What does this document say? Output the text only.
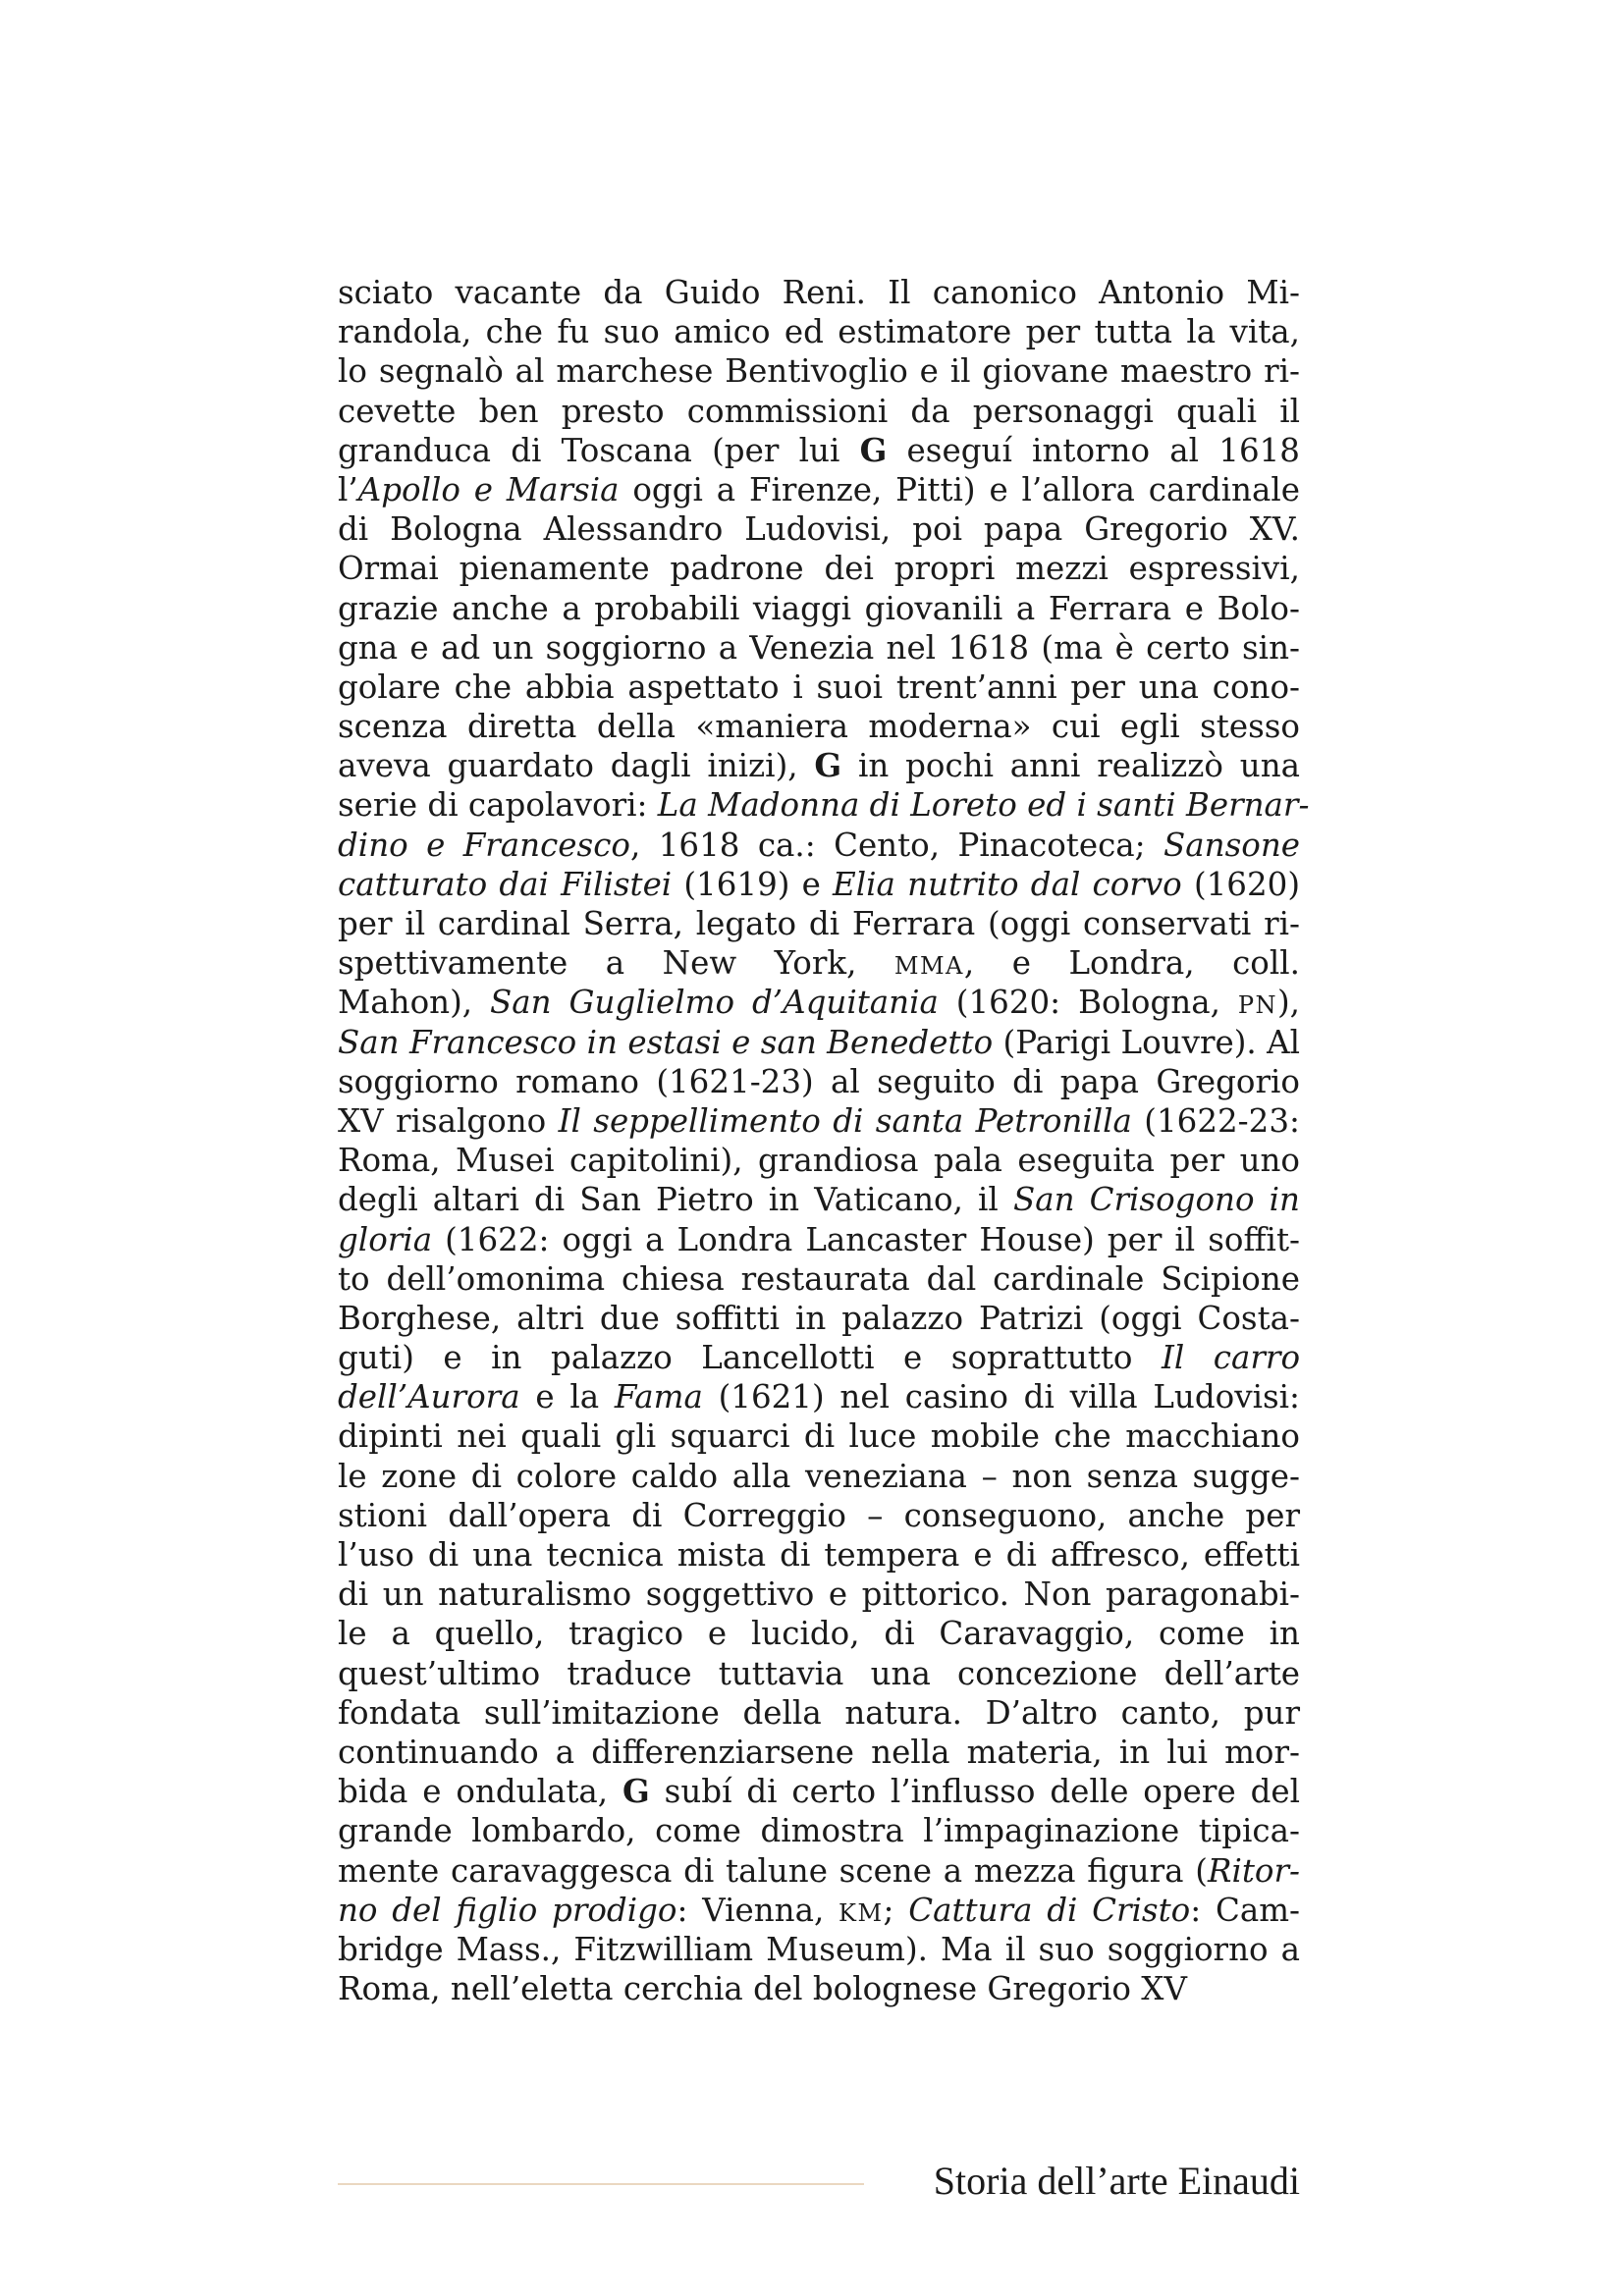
sciato vacante da Guido Reni. Il canonico Antonio Mi-
randola, che fu suo amico ed estimatore per tutta la vita,
lo segnalò al marchese Bentivoglio e il giovane maestro ri-
cevette ben presto commissioni da personaggi quali il
granduca di Toscana (per lui G eseguí intorno al 1618
l’Apollo e Marsia oggi a Firenze, Pitti) e l’allora cardinale
di Bologna Alessandro Ludovisi, poi papa Gregorio XV.
Ormai pienamente padrone dei propri mezzi espressivi,
grazie anche a probabili viaggi giovanili a Ferrara e Bolo-
gna e ad un soggiorno a Venezia nel 1618 (ma è certo sin-
golare che abbia aspettato i suoi trent’anni per una cono-
scenza diretta della «maniera moderna» cui egli stesso
aveva guardato dagli inizi), G in pochi anni realizzò una
serie di capolavori: La Madonna di Loreto ed i santi Bernar-
dino e Francesco, 1618 ca.: Cento, Pinacoteca; Sansone
catturato dai Filistei (1619) e Elia nutrito dal corvo (1620)
per il cardinal Serra, legato di Ferrara (oggi conservati ri-
spettivamente a New York, MMA, e Londra, coll.
Mahon), San Guglielmo d’Aquitania (1620: Bologna, PN),
San Francesco in estasi e san Benedetto (Parigi Louvre). Al
soggiorno romano (1621-23) al seguito di papa Gregorio
XV risalgono Il seppellimento di santa Petronilla (1622-23:
Roma, Musei capitolini), grandiosa pala eseguita per uno
degli altari di San Pietro in Vaticano, il San Crisogono in
gloria (1622: oggi a Londra Lancaster House) per il soffit-
to dell’omonima chiesa restaurata dal cardinale Scipione
Borghese, altri due soffitti in palazzo Patrizi (oggi Costa-
guti) e in palazzo Lancellotti e soprattutto Il carro
dell’Aurora e la Fama (1621) nel casino di villa Ludovisi:
dipinti nei quali gli squarci di luce mobile che macchiano
le zone di colore caldo alla veneziana – non senza sugge-
stioni dall’opera di Correggio – conseguono, anche per
l’uso di una tecnica mista di tempera e di affresco, effetti
di un naturalismo soggettivo e pittorico. Non paragonabi-
le a quello, tragico e lucido, di Caravaggio, come in
quest’ultimo traduce tuttavia una concezione dell’arte
fondata sull’imitazione della natura. D’altro canto, pur
continuando a differenziarsene nella materia, in lui mor-
bida e ondulata, G subí di certo l’influsso delle opere del
grande lombardo, come dimostra l’impaginazione tipica-
mente caravaggesca di talune scene a mezza figura (Ritor-
no del figlio prodigo: Vienna, KM; Cattura di Cristo: Cam-
bridge Mass., Fitzwilliam Museum). Ma il suo soggiorno a
Roma, nell’eletta cerchia del bolognese Gregorio XV
Storia dell’arte Einaudi
